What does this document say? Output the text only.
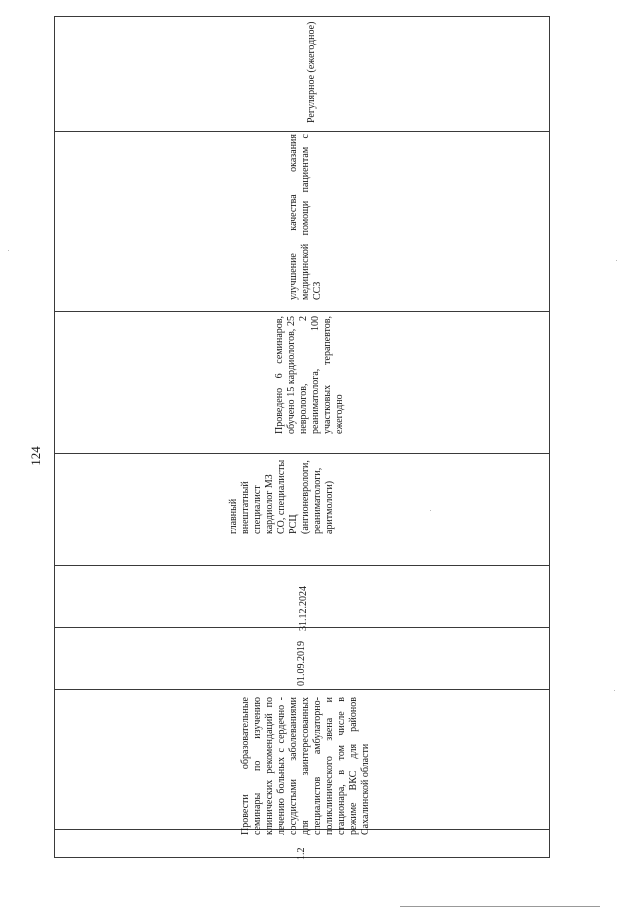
124
Регулярное (ежегодное)
улучшение качества оказания медицинской помощи пациентам с ССЗ
Проведено 6 семинаров, обучено 15 кардиологов, 25 неврологов, 2 реаниматолога, 100 участковых терапевтов, ежегодно
главный внештатный специалист кардиолог МЗ СО, специалисты РСЦ (ангионеврологи, реаниматологи, аритмологи)
31.12.2024
01.09.2019
Провести образовательные семинары по изучению клинических рекомендаций по лечению больных с сердечно - сосудистыми заболеваниями для заинтересованных специалистов амбулаторно-поликлинического звена и стационара, в том числе в режиме ВКС для районов Сахалинской области
1.2
